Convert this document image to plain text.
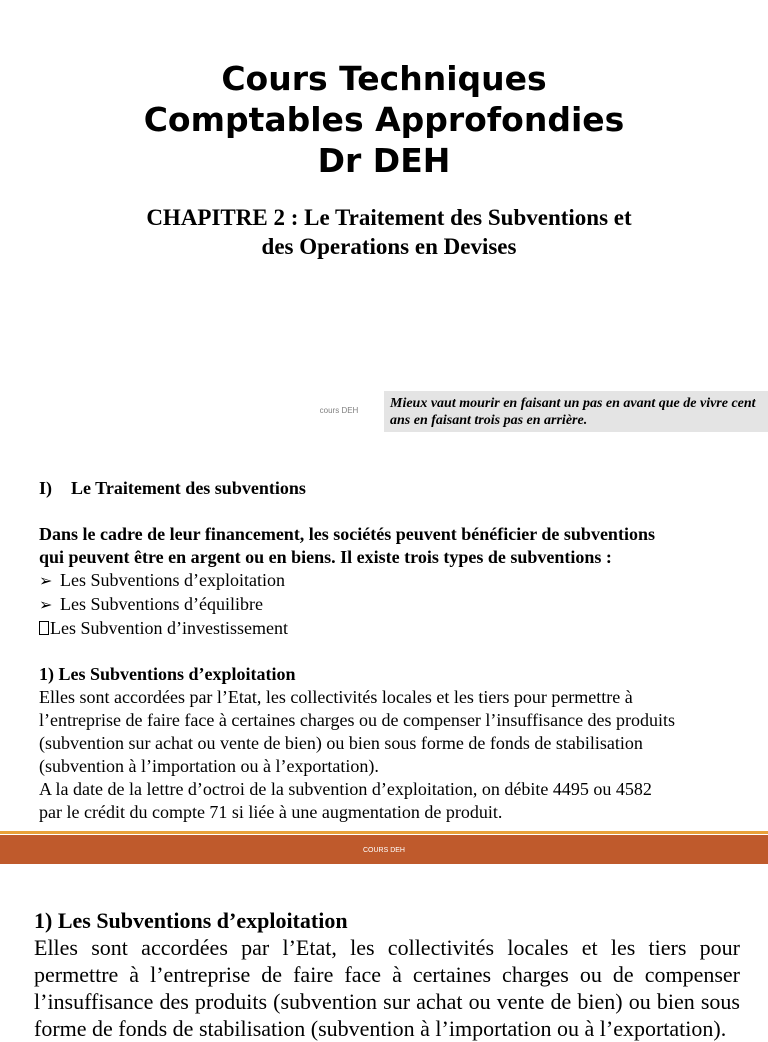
Cours Techniques
Comptables Approfondies
Dr DEH
CHAPITRE 2 : Le Traitement des Subventions et
des Operations en Devises
cours DEH	Mieux vaut mourir en faisant un pas en avant que de vivre cent ans en faisant trois pas en arrière.
I) Le Traitement des subventions
Dans le cadre de leur financement, les sociétés peuvent bénéficier de subventions
qui peuvent être en argent ou en biens. Il existe trois types de subventions :
➢ Les Subventions d’exploitation
➢ Les Subventions d’équilibre
Les Subvention d’investissement
1) Les Subventions d’exploitation
Elles sont accordées par l’Etat, les collectivités locales et les tiers pour permettre à
l’entreprise de faire face à certaines charges ou de compenser l’insuffisance des produits
(subvention sur achat ou vente de bien) ou bien sous forme de fonds de stabilisation
(subvention à l’importation ou à l’exportation).
A la date de la lettre d’octroi de la subvention d’exploitation, on débite 4495 ou 4582
par le crédit du compte 71 si liée à une augmentation de produit.
COURS DEH
1) Les Subventions d’exploitation
Elles sont accordées par l’Etat, les collectivités locales et les tiers pour permettre à l’entreprise de faire face à certaines charges ou de compenser l’insuffisance des produits (subvention sur achat ou vente de bien) ou bien sous forme de fonds de stabilisation (subvention à l’importation ou à l’exportation).
